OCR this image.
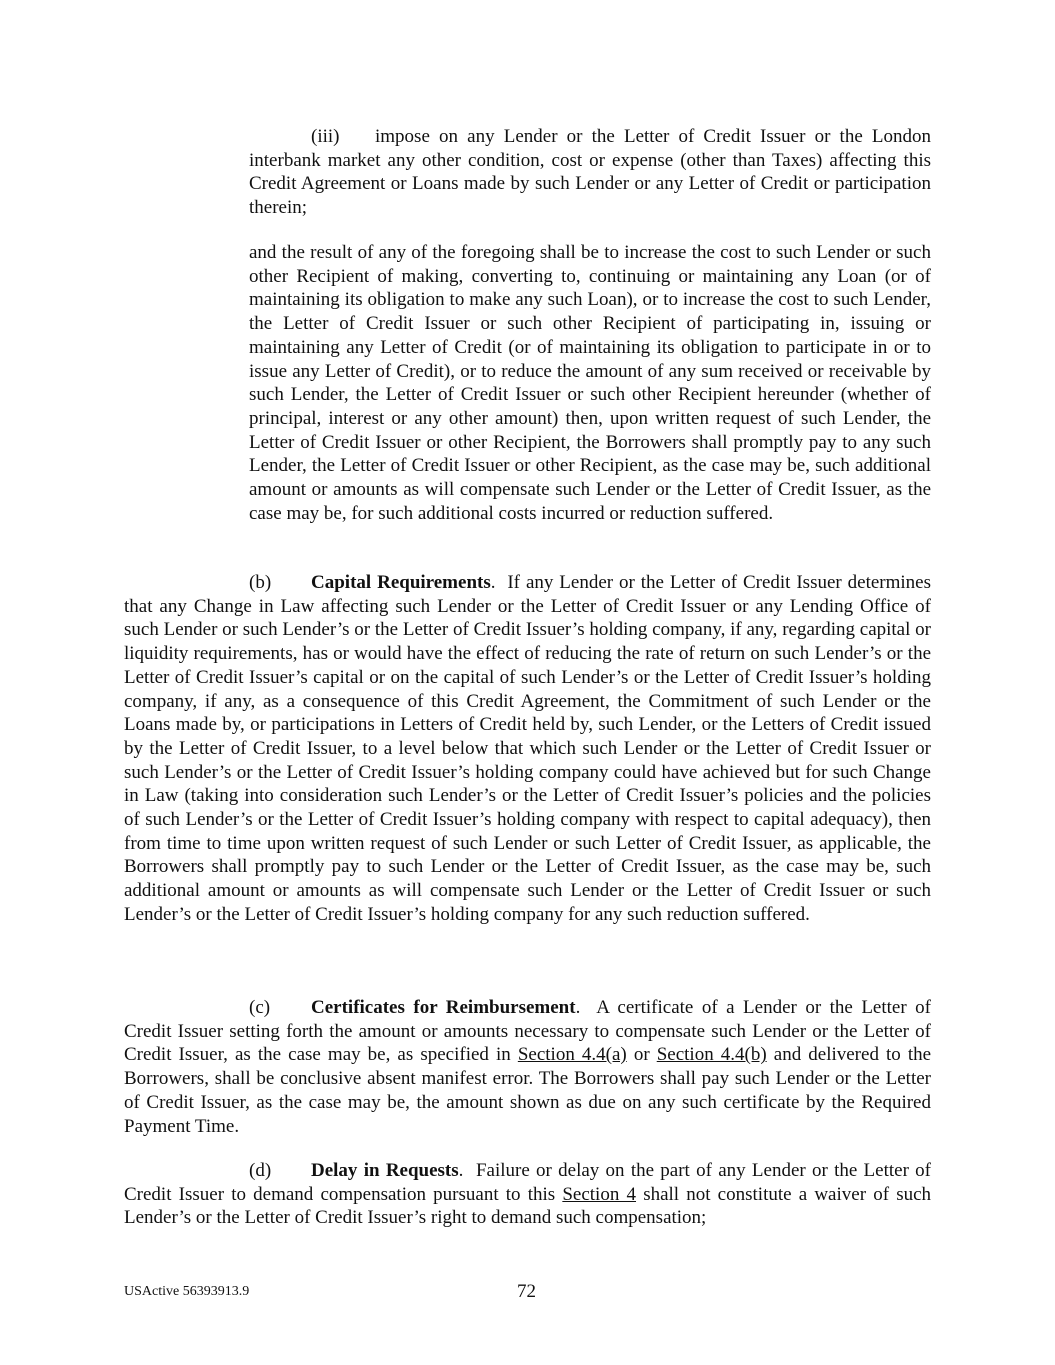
(iii) impose on any Lender or the Letter of Credit Issuer or the London interbank market any other condition, cost or expense (other than Taxes) affecting this Credit Agreement or Loans made by such Lender or any Letter of Credit or participation therein;

and the result of any of the foregoing shall be to increase the cost to such Lender or such other Recipient of making, converting to, continuing or maintaining any Loan (or of maintaining its obligation to make any such Loan), or to increase the cost to such Lender, the Letter of Credit Issuer or such other Recipient of participating in, issuing or maintaining any Letter of Credit (or of maintaining its obligation to participate in or to issue any Letter of Credit), or to reduce the amount of any sum received or receivable by such Lender, the Letter of Credit Issuer or such other Recipient hereunder (whether of principal, interest or any other amount) then, upon written request of such Lender, the Letter of Credit Issuer or other Recipient, the Borrowers shall promptly pay to any such Lender, the Letter of Credit Issuer or other Recipient, as the case may be, such additional amount or amounts as will compensate such Lender or the Letter of Credit Issuer, as the case may be, for such additional costs incurred or reduction suffered.

(b) Capital Requirements.  If any Lender or the Letter of Credit Issuer determines that any Change in Law affecting such Lender or the Letter of Credit Issuer or any Lending Office of such Lender or such Lender’s or the Letter of Credit Issuer’s holding company, if any, regarding capital or liquidity requirements, has or would have the effect of reducing the rate of return on such Lender’s or the Letter of Credit Issuer’s capital or on the capital of such Lender’s or the Letter of Credit Issuer’s holding company, if any, as a consequence of this Credit Agreement, the Commitment of such Lender or the Loans made by, or participations in Letters of Credit held by, such Lender, or the Letters of Credit issued by the Letter of Credit Issuer, to a level below that which such Lender or the Letter of Credit Issuer or such Lender’s or the Letter of Credit Issuer’s holding company could have achieved but for such Change in Law (taking into consideration such Lender’s or the Letter of Credit Issuer’s policies and the policies of such Lender’s or the Letter of Credit Issuer’s holding company with respect to capital adequacy), then from time to time upon written request of such Lender or such Letter of Credit Issuer, as applicable, the Borrowers shall promptly pay to such Lender or the Letter of Credit Issuer, as the case may be, such additional amount or amounts as will compensate such Lender or the Letter of Credit Issuer or such Lender’s or the Letter of Credit Issuer’s holding company for any such reduction suffered.

(c) Certificates for Reimbursement.  A certificate of a Lender or the Letter of Credit Issuer setting forth the amount or amounts necessary to compensate such Lender or the Letter of Credit Issuer, as the case may be, as specified in Section 4.4(a) or Section 4.4(b) and delivered to the Borrowers, shall be conclusive absent manifest error. The Borrowers shall pay such Lender or the Letter of Credit Issuer, as the case may be, the amount shown as due on any such certificate by the Required Payment Time.

(d) Delay in Requests.  Failure or delay on the part of any Lender or the Letter of Credit Issuer to demand compensation pursuant to this Section 4 shall not constitute a waiver of such Lender’s or the Letter of Credit Issuer’s right to demand such compensation;

USActive 56393913.9	72
